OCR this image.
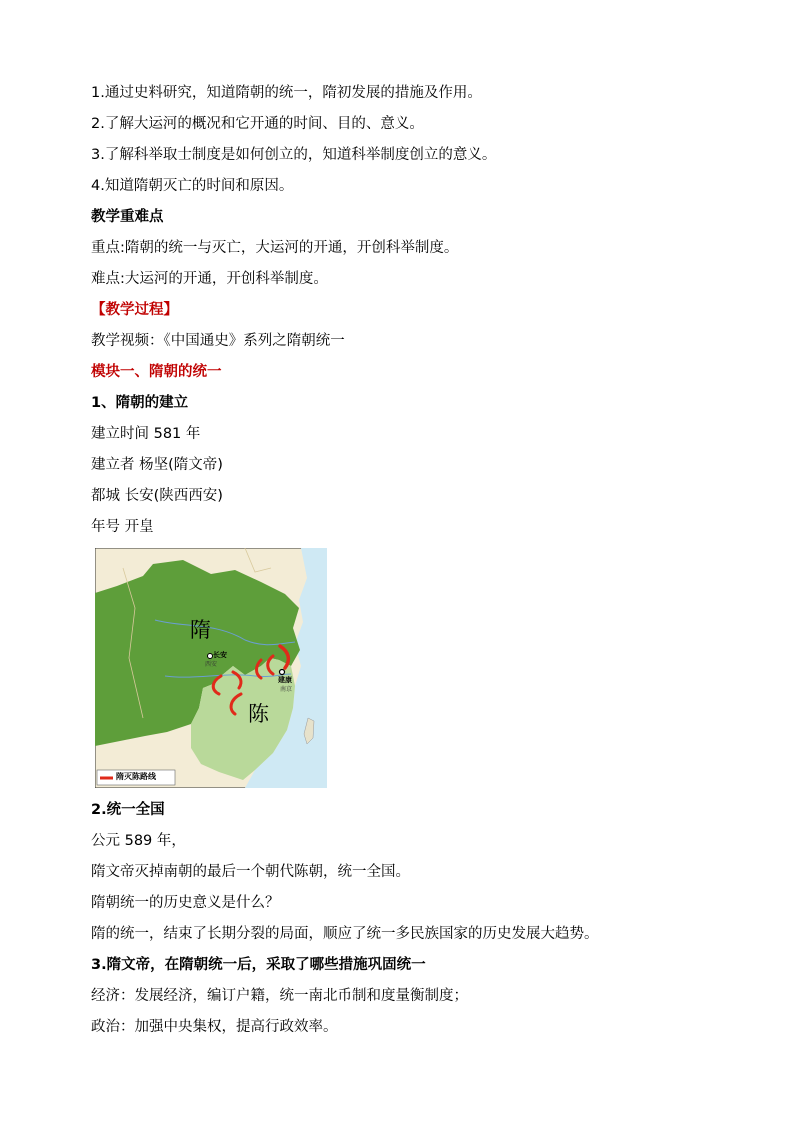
1.通过史料研究，知道隋朝的统一，隋初发展的措施及作用。
2.了解大运河的概况和它开通的时间、目的、意义。
3.了解科举取士制度是如何创立的，知道科举制度创立的意义。
4.知道隋朝灭亡的时间和原因。
教学重难点
重点:隋朝的统一与灭亡，大运河的开通，开创科举制度。
难点:大运河的开通，开创科举制度。
【教学过程】
教学视频：《中国通史》系列之隋朝统一
模块一、隋朝的统一
1、隋朝的建立
建立时间 581 年
建立者 杨坚(隋文帝)
都城 长安(陕西西安)
年号 开皇
隋
陈
长安
西安
建康
南京
隋灭陈路线
2.统一全国
公元 589 年，
隋文帝灭掉南朝的最后一个朝代陈朝，统一全国。
隋朝统一的历史意义是什么？
隋的统一，结束了长期分裂的局面，顺应了统一多民族国家的历史发展大趋势。
3.隋文帝，在隋朝统一后，采取了哪些措施巩固统一
经济：发展经济，编订户籍，统一南北币制和度量衡制度；
政治：加强中央集权，提高行政效率。
